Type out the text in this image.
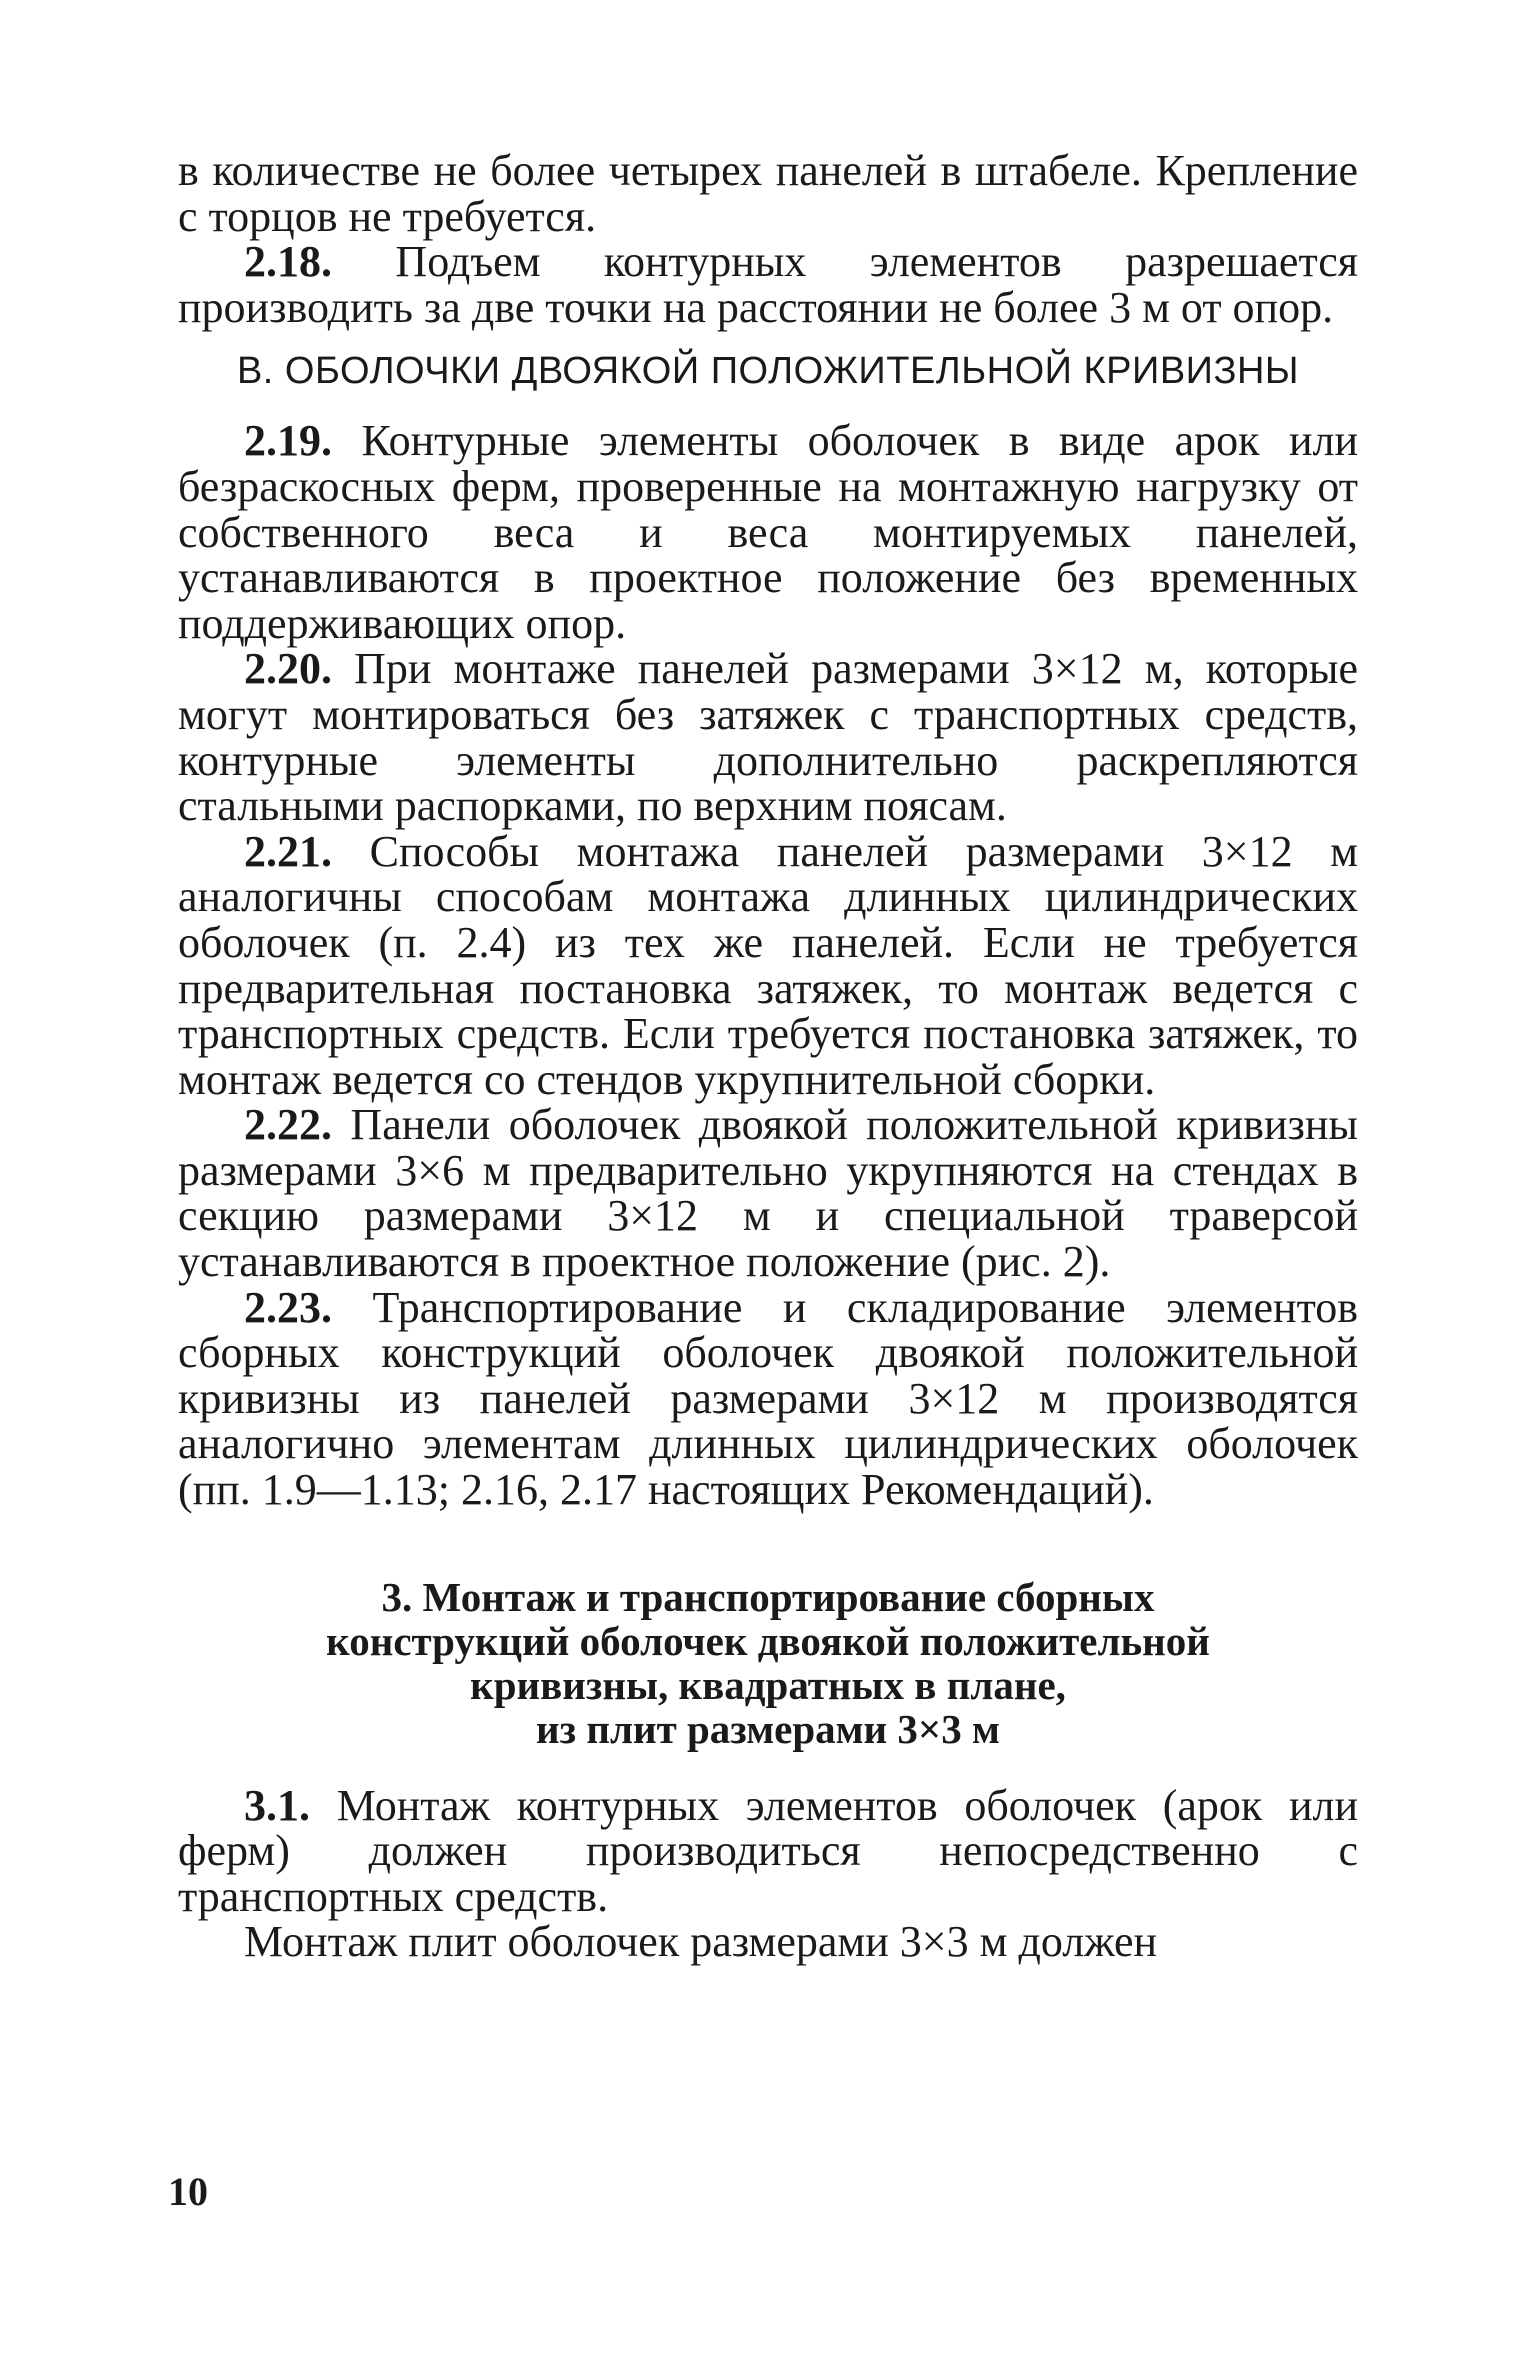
в количестве не более четырех панелей в штабеле. Крепление с торцов не требуется.

2.18. Подъем контурных элементов разрешается производить за две точки на расстоянии не более 3 м от опор.

В. ОБОЛОЧКИ ДВОЯКОЙ ПОЛОЖИТЕЛЬНОЙ КРИВИЗНЫ

2.19. Контурные элементы оболочек в виде арок или безраскосных ферм, проверенные на монтажную нагрузку от собственного веса и веса монтируемых панелей, устанавливаются в проектное положение без временных поддерживающих опор.

2.20. При монтаже панелей размерами 3×12 м, которые могут монтироваться без затяжек с транспортных средств, контурные элементы дополнительно раскрепляются стальными распорками, по верхним поясам.

2.21. Способы монтажа панелей размерами 3×12 м аналогичны способам монтажа длинных цилиндрических оболочек (п. 2.4) из тех же панелей. Если не требуется предварительная постановка затяжек, то монтаж ведется с транспортных средств. Если требуется постановка затяжек, то монтаж ведется со стендов укрупнительной сборки.

2.22. Панели оболочек двоякой положительной кривизны размерами 3×6 м предварительно укрупняются на стендах в секцию размерами 3×12 м и специальной траверсой устанавливаются в проектное положение (рис. 2).

2.23. Транспортирование и складирование элементов сборных конструкций оболочек двоякой положительной кривизны из панелей размерами 3×12 м производятся аналогично элементам длинных цилиндрических оболочек (пп. 1.9—1.13; 2.16, 2.17 настоящих Рекомендаций).

3. Монтаж и транспортирование сборных
конструкций оболочек двоякой положительной
кривизны, квадратных в плане,
из плит размерами 3×3 м

3.1. Монтаж контурных элементов оболочек (арок или ферм) должен производиться непосредственно с транспортных средств.

Монтаж плит оболочек размерами 3×3 м должен

10
